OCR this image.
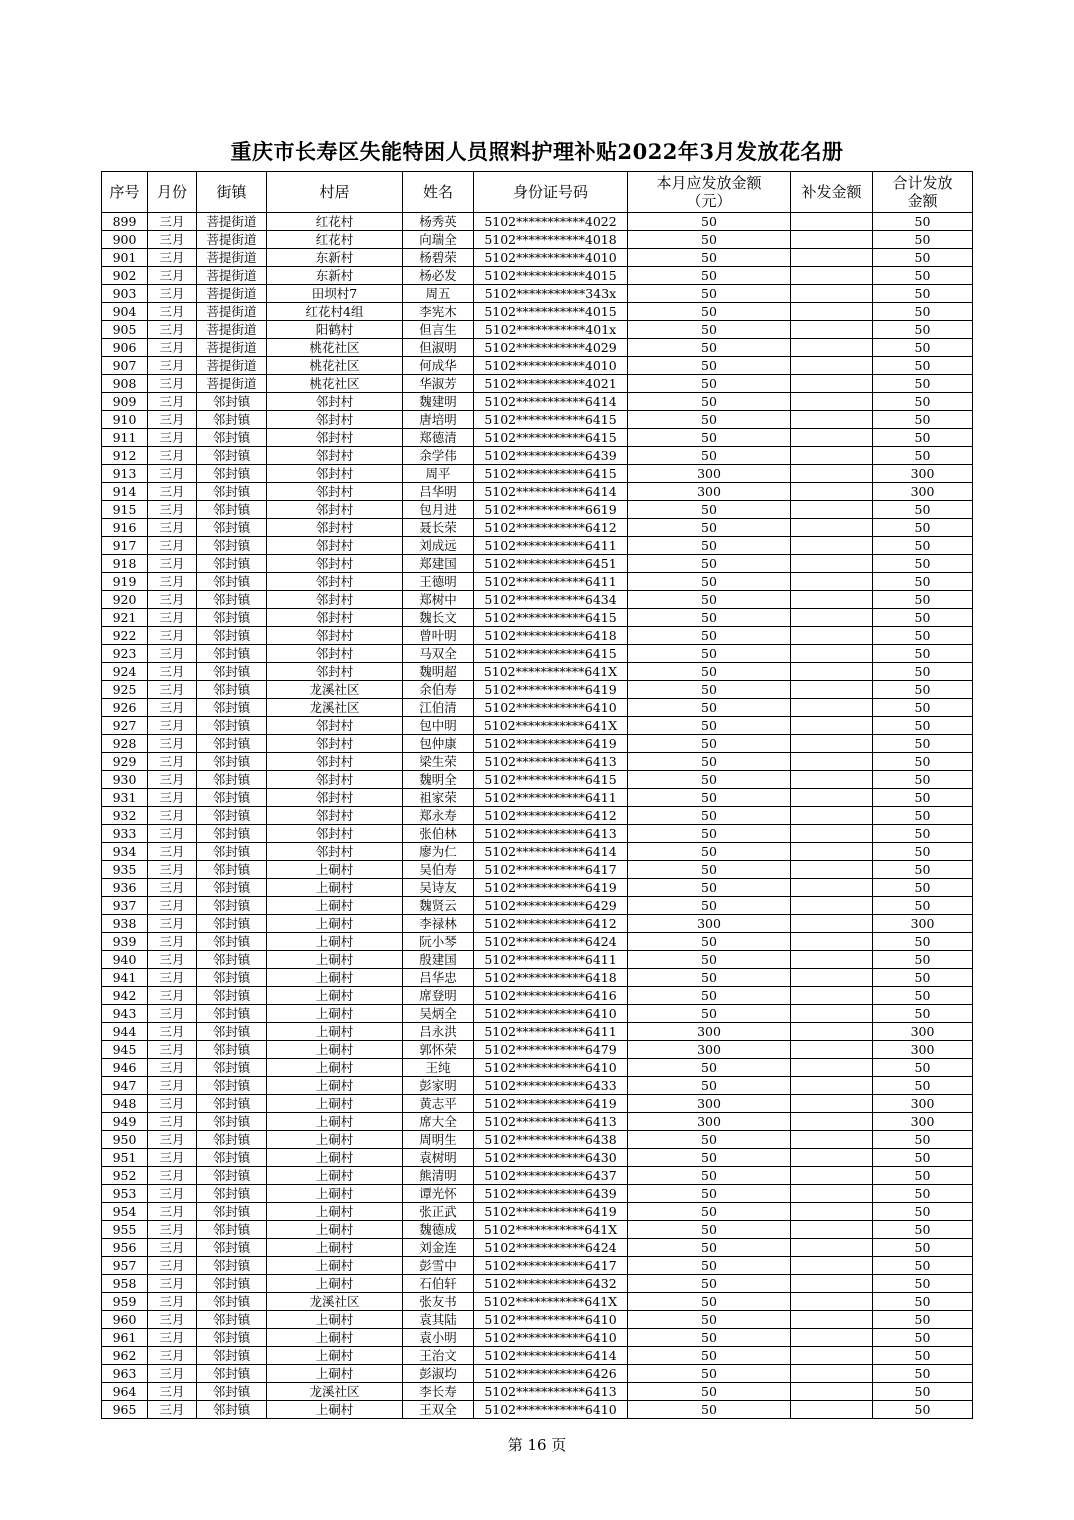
重庆市长寿区失能特困人员照料护理补贴2022年3月发放花名册
序号	月份	街镇	村居	姓名	身份证号码	本月应发放金额（元）	补发金额	合计发放金额
899	三月	菩提街道	红花村	杨秀英	5102***********4022	50		50
900	三月	菩提街道	红花村	向瑞全	5102***********4018	50		50
901	三月	菩提街道	东新村	杨碧荣	5102***********4010	50		50
902	三月	菩提街道	东新村	杨必发	5102***********4015	50		50
903	三月	菩提街道	田坝村7	周五	5102***********343x	50		50
904	三月	菩提街道	红花村4组	李宪木	5102***********4015	50		50
905	三月	菩提街道	阳鹤村	但言生	5102***********401x	50		50
906	三月	菩提街道	桃花社区	但淑明	5102***********4029	50		50
907	三月	菩提街道	桃花社区	何成华	5102***********4010	50		50
908	三月	菩提街道	桃花社区	华淑芳	5102***********4021	50		50
909	三月	邻封镇	邻封村	魏建明	5102***********6414	50		50
910	三月	邻封镇	邻封村	唐培明	5102***********6415	50		50
911	三月	邻封镇	邻封村	郑德清	5102***********6415	50		50
912	三月	邻封镇	邻封村	余学伟	5102***********6439	50		50
913	三月	邻封镇	邻封村	周平	5102***********6415	300		300
914	三月	邻封镇	邻封村	吕华明	5102***********6414	300		300
915	三月	邻封镇	邻封村	包月进	5102***********6619	50		50
916	三月	邻封镇	邻封村	聂长荣	5102***********6412	50		50
917	三月	邻封镇	邻封村	刘成远	5102***********6411	50		50
918	三月	邻封镇	邻封村	郑建国	5102***********6451	50		50
919	三月	邻封镇	邻封村	王德明	5102***********6411	50		50
920	三月	邻封镇	邻封村	郑树中	5102***********6434	50		50
921	三月	邻封镇	邻封村	魏长文	5102***********6415	50		50
922	三月	邻封镇	邻封村	曾叶明	5102***********6418	50		50
923	三月	邻封镇	邻封村	马双全	5102***********6415	50		50
924	三月	邻封镇	邻封村	魏明超	5102***********641X	50		50
925	三月	邻封镇	龙溪社区	余伯寿	5102***********6419	50		50
926	三月	邻封镇	龙溪社区	江伯清	5102***********6410	50		50
927	三月	邻封镇	邻封村	包中明	5102***********641X	50		50
928	三月	邻封镇	邻封村	包仲康	5102***********6419	50		50
929	三月	邻封镇	邻封村	梁生荣	5102***********6413	50		50
930	三月	邻封镇	邻封村	魏明全	5102***********6415	50		50
931	三月	邻封镇	邻封村	祖家荣	5102***********6411	50		50
932	三月	邻封镇	邻封村	郑永寿	5102***********6412	50		50
933	三月	邻封镇	邻封村	张伯林	5102***********6413	50		50
934	三月	邻封镇	邻封村	廖为仁	5102***********6414	50		50
935	三月	邻封镇	上硐村	吴伯寿	5102***********6417	50		50
936	三月	邻封镇	上硐村	吴诗友	5102***********6419	50		50
937	三月	邻封镇	上硐村	魏贤云	5102***********6429	50		50
938	三月	邻封镇	上硐村	李禄林	5102***********6412	300		300
939	三月	邻封镇	上硐村	阮小琴	5102***********6424	50		50
940	三月	邻封镇	上硐村	殷建国	5102***********6411	50		50
941	三月	邻封镇	上硐村	吕华忠	5102***********6418	50		50
942	三月	邻封镇	上硐村	席登明	5102***********6416	50		50
943	三月	邻封镇	上硐村	吴炳全	5102***********6410	50		50
944	三月	邻封镇	上硐村	吕永洪	5102***********6411	300		300
945	三月	邻封镇	上硐村	郭怀荣	5102***********6479	300		300
946	三月	邻封镇	上硐村	王纯	5102***********6410	50		50
947	三月	邻封镇	上硐村	彭家明	5102***********6433	50		50
948	三月	邻封镇	上硐村	黄志平	5102***********6419	300		300
949	三月	邻封镇	上硐村	席大全	5102***********6413	300		300
950	三月	邻封镇	上硐村	周明生	5102***********6438	50		50
951	三月	邻封镇	上硐村	袁树明	5102***********6430	50		50
952	三月	邻封镇	上硐村	熊清明	5102***********6437	50		50
953	三月	邻封镇	上硐村	谭光怀	5102***********6439	50		50
954	三月	邻封镇	上硐村	张正武	5102***********6419	50		50
955	三月	邻封镇	上硐村	魏德成	5102***********641X	50		50
956	三月	邻封镇	上硐村	刘金连	5102***********6424	50		50
957	三月	邻封镇	上硐村	彭雪中	5102***********6417	50		50
958	三月	邻封镇	上硐村	石伯轩	5102***********6432	50		50
959	三月	邻封镇	龙溪社区	张友书	5102***********641X	50		50
960	三月	邻封镇	上硐村	袁其陆	5102***********6410	50		50
961	三月	邻封镇	上硐村	袁小明	5102***********6410	50		50
962	三月	邻封镇	上硐村	王治文	5102***********6414	50		50
963	三月	邻封镇	上硐村	彭淑均	5102***********6426	50		50
964	三月	邻封镇	龙溪社区	李长寿	5102***********6413	50		50
965	三月	邻封镇	上硐村	王双全	5102***********6410	50		50
第 16 页
